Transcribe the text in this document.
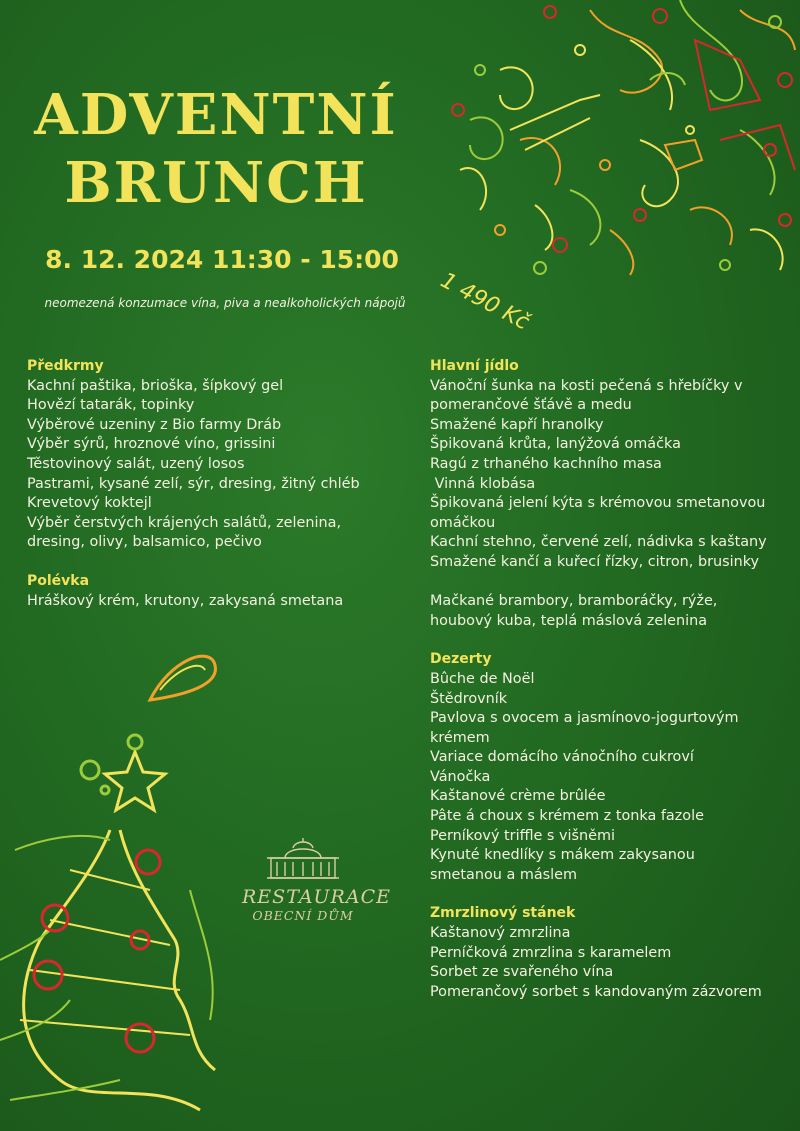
ADVENTNÍ
BRUNCH
8. 12. 2024 11:30 - 15:00
neomezená konzumace vína, piva a nealkoholických nápojů	1 490 Kč
Předkrmy
Kachní paštika, brioška, šípkový gel
Hovězí tatarák, topinky
Výběrové uzeniny z Bio farmy Dráb
Výběr sýrů, hroznové víno, grissini
Těstovinový salát, uzený losos
Pastrami, kysané zelí, sýr, dresing, žitný chléb
Krevetový koktejl
Výběr čerstvých krájených salátů, zelenina,
dresing, olivy, balsamico, pečivo
Polévka
Hráškový krém, krutony, zakysaná smetana
Hlavní jídlo
Vánoční šunka na kosti pečená s hřebíčky v
pomerančové šťávě a medu
Smažené kapří hranolky
Špikovaná krůta, lanýžová omáčka
Ragú z trhaného kachního masa
Vinná klobása
Špikovaná jelení kýta s krémovou smetanovou
omáčkou
Kachní stehno, červené zelí, nádivka s kaštany
Smažené kančí a kuřecí řízky, citron, brusinky
Mačkané brambory, bramboráčky, rýže,
houbový kuba, teplá máslová zelenina
Dezerty
Bûche de Noël
Štědrovník
Pavlova s ovocem a jasmínovo-jogurtovým
krémem
Variace domácího vánočního cukroví
Vánočka
Kaštanové crème brûlée
Pâte á choux s krémem z tonka fazole
Perníkový triffle s višněmi
Kynuté knedlíky s mákem zakysanou
smetanou a máslem
Zmrzlinový stánek
Kaštanový zmrzlina
Perníčková zmrzlina s karamelem
Sorbet ze svařeného vína
Pomerančový sorbet s kandovaným zázvorem
RESTAURACE
OBECNÍ DŮM
